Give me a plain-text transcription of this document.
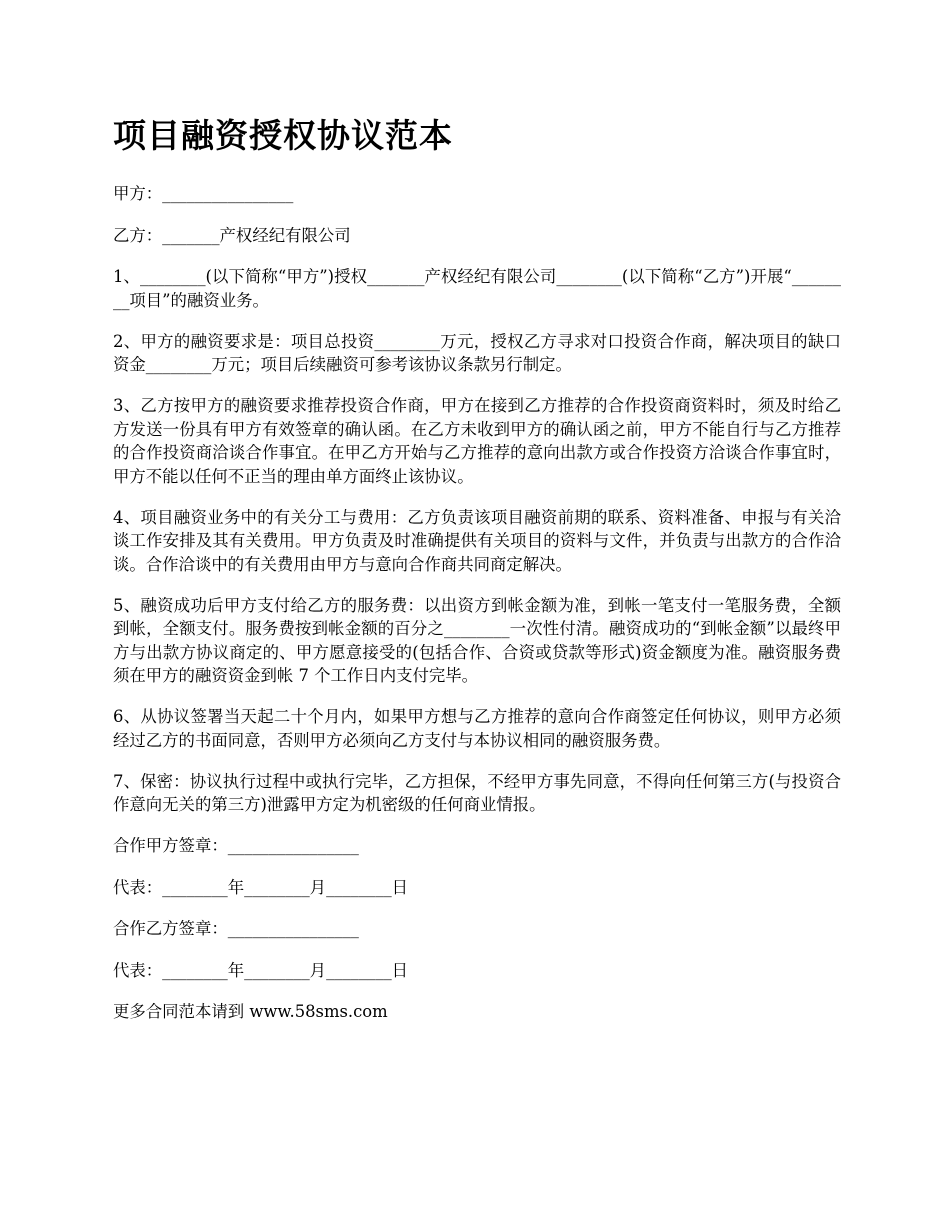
项目融资授权协议范本

甲方：________________

乙方：_______产权经纪有限公司

1、________(以下简称“甲方”)授权_______产权经纪有限公司________(以下简称“乙方”)开展“________项目”的融资业务。

2、甲方的融资要求是：项目总投资________万元，授权乙方寻求对口投资合作商，解决项目的缺口资金________万元；项目后续融资可参考该协议条款另行制定。

3、乙方按甲方的融资要求推荐投资合作商，甲方在接到乙方推荐的合作投资商资料时，须及时给乙方发送一份具有甲方有效签章的确认函。在乙方未收到甲方的确认函之前，甲方不能自行与乙方推荐的合作投资商洽谈合作事宜。在甲乙方开始与乙方推荐的意向出款方或合作投资方洽谈合作事宜时，甲方不能以任何不正当的理由单方面终止该协议。

4、项目融资业务中的有关分工与费用：乙方负责该项目融资前期的联系、资料准备、申报与有关洽谈工作安排及其有关费用。甲方负责及时准确提供有关项目的资料与文件，并负责与出款方的合作洽谈。合作洽谈中的有关费用由甲方与意向合作商共同商定解决。

5、融资成功后甲方支付给乙方的服务费：以出资方到帐金额为准，到帐一笔支付一笔服务费，全额到帐，全额支付。服务费按到帐金额的百分之________一次性付清。融资成功的“到帐金额”以最终甲方与出款方协议商定的、甲方愿意接受的(包括合作、合资或贷款等形式)资金额度为准。融资服务费须在甲方的融资资金到帐 7 个工作日内支付完毕。

6、从协议签署当天起二十个月内，如果甲方想与乙方推荐的意向合作商签定任何协议，则甲方必须经过乙方的书面同意，否则甲方必须向乙方支付与本协议相同的融资服务费。

7、保密：协议执行过程中或执行完毕，乙方担保，不经甲方事先同意，不得向任何第三方(与投资合作意向无关的第三方)泄露甲方定为机密级的任何商业情报。

合作甲方签章：________________

代表：________年________月________日

合作乙方签章：________________

代表：________年________月________日

更多合同范本请到 www.58sms.com
